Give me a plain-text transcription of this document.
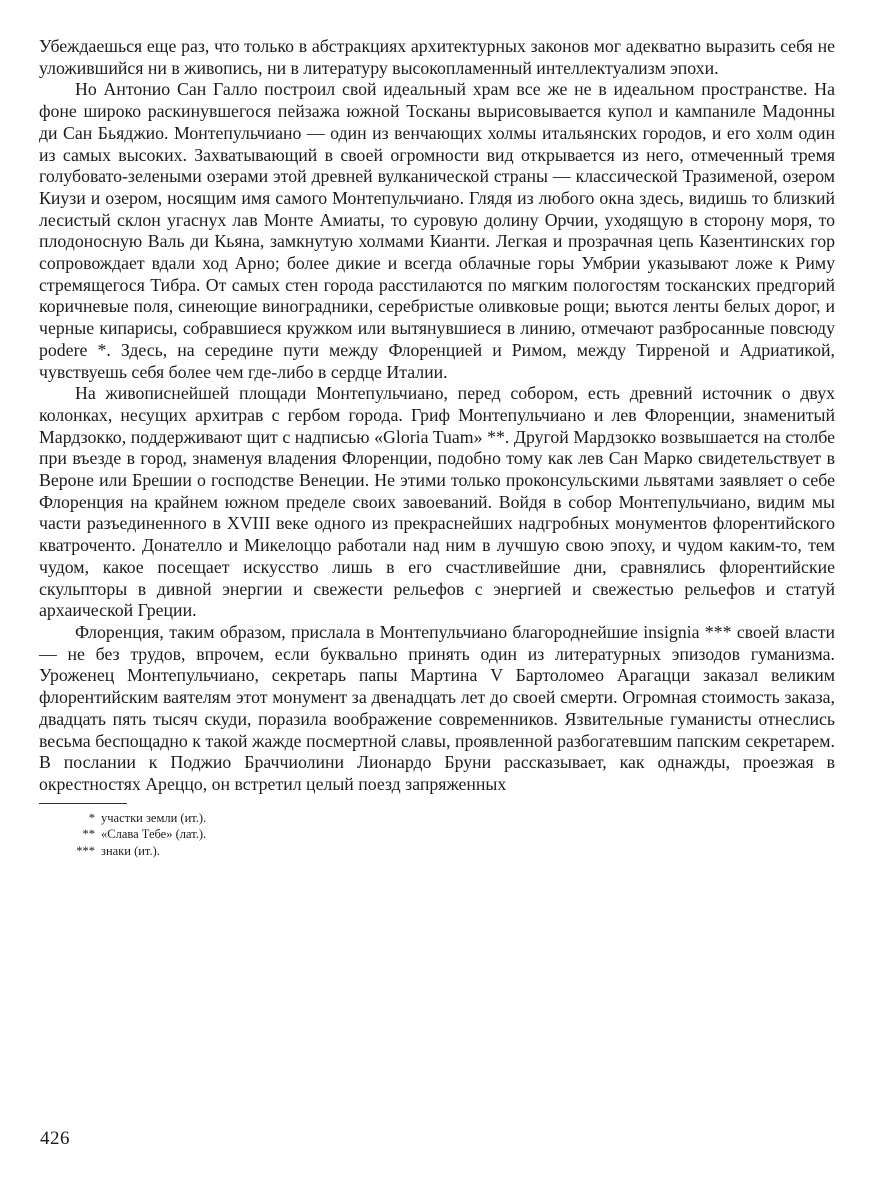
Убеждаешься еще раз, что только в абстракциях архитектурных законов мог адекватно выразить себя не уложившийся ни в живопись, ни в литературу высокопламенный интеллектуализм эпохи.

Но Антонио Сан Галло построил свой идеальный храм все же не в идеальном пространстве. На фоне широко раскинувшегося пейзажа южной Тосканы вырисовывается купол и кампаниле Мадонны ди Сан Бьяджио. Монтепульчиано — один из венчающих холмы итальянских городов, и его холм один из самых высоких. Захватывающий в своей огромности вид открывается из него, отмеченный тремя голубовато-зелеными озерами этой древней вулканической страны — классической Тразименой, озером Киузи и озером, носящим имя самого Монтепульчиано. Глядя из любого окна здесь, видишь то близкий лесистый склон угаснух лав Монте Амиаты, то суровую долину Орчии, уходящую в сторону моря, то плодоносную Валь ди Кьяна, замкнутую холмами Кианти. Легкая и прозрачная цепь Казентинских гор сопровождает вдали ход Арно; более дикие и всегда облачные горы Умбрии указывают ложе к Риму стремящегося Тибра. От самых стен города расстилаются по мягким пологостям тосканских предгорий коричневые поля, синеющие виноградники, серебристые оливковые рощи; вьются ленты белых дорог, и черные кипарисы, собравшиеся кружком или вытянувшиеся в линию, отмечают разбросанные повсюду podere *. Здесь, на середине пути между Флоренцией и Римом, между Тирреной и Адриатикой, чувствуешь себя более чем где-либо в сердце Италии.

На живописнейшей площади Монтепульчиано, перед собором, есть древний источник о двух колонках, несущих архитрав с гербом города. Гриф Монтепульчиано и лев Флоренции, знаменитый Мардзокко, поддерживают щит с надписью «Gloria Tuam» **. Другой Мардзокко возвышается на столбе при въезде в город, знаменуя владения Флоренции, подобно тому как лев Сан Марко свидетельствует в Вероне или Брешии о господстве Венеции. Не этими только проконсульскими львятами заявляет о себе Флоренция на крайнем южном пределе своих завоеваний. Войдя в собор Монтепульчиано, видим мы части разъединенного в XVIII веке одного из прекраснейших надгробных монументов флорентийского кватроченто. Донателло и Микелоццо работали над ним в лучшую свою эпоху, и чудом каким-то, тем чудом, какое посещает искусство лишь в его счастливейшие дни, сравнялись флорентийские скульпторы в дивной энергии и свежести рельефов с энергией и свежестью рельефов и статуй архаической Греции.

Флоренция, таким образом, прислала в Монтепульчиано благороднейшие insignia *** своей власти — не без трудов, впрочем, если буквально принять один из литературных эпизодов гуманизма. Уроженец Монтепульчиано, секретарь папы Мартина V Бартоломео Арагацци заказал великим флорентийским ваятелям этот монумент за двенадцать лет до своей смерти. Огромная стоимость заказа, двадцать пять тысяч скуди, поразила воображение современников. Язвительные гуманисты отнеслись весьма беспощадно к такой жажде посмертной славы, проявленной разбогатевшим папским секретарем. В послании к Поджио Браччиолини Лионардо Бруни рассказывает, как однажды, проезжая в окрестностях Ареццо, он встретил целый поезд запряженных

* участки земли (ит.).
** «Слава Тебе» (лат.).
*** знаки (ит.).
426
